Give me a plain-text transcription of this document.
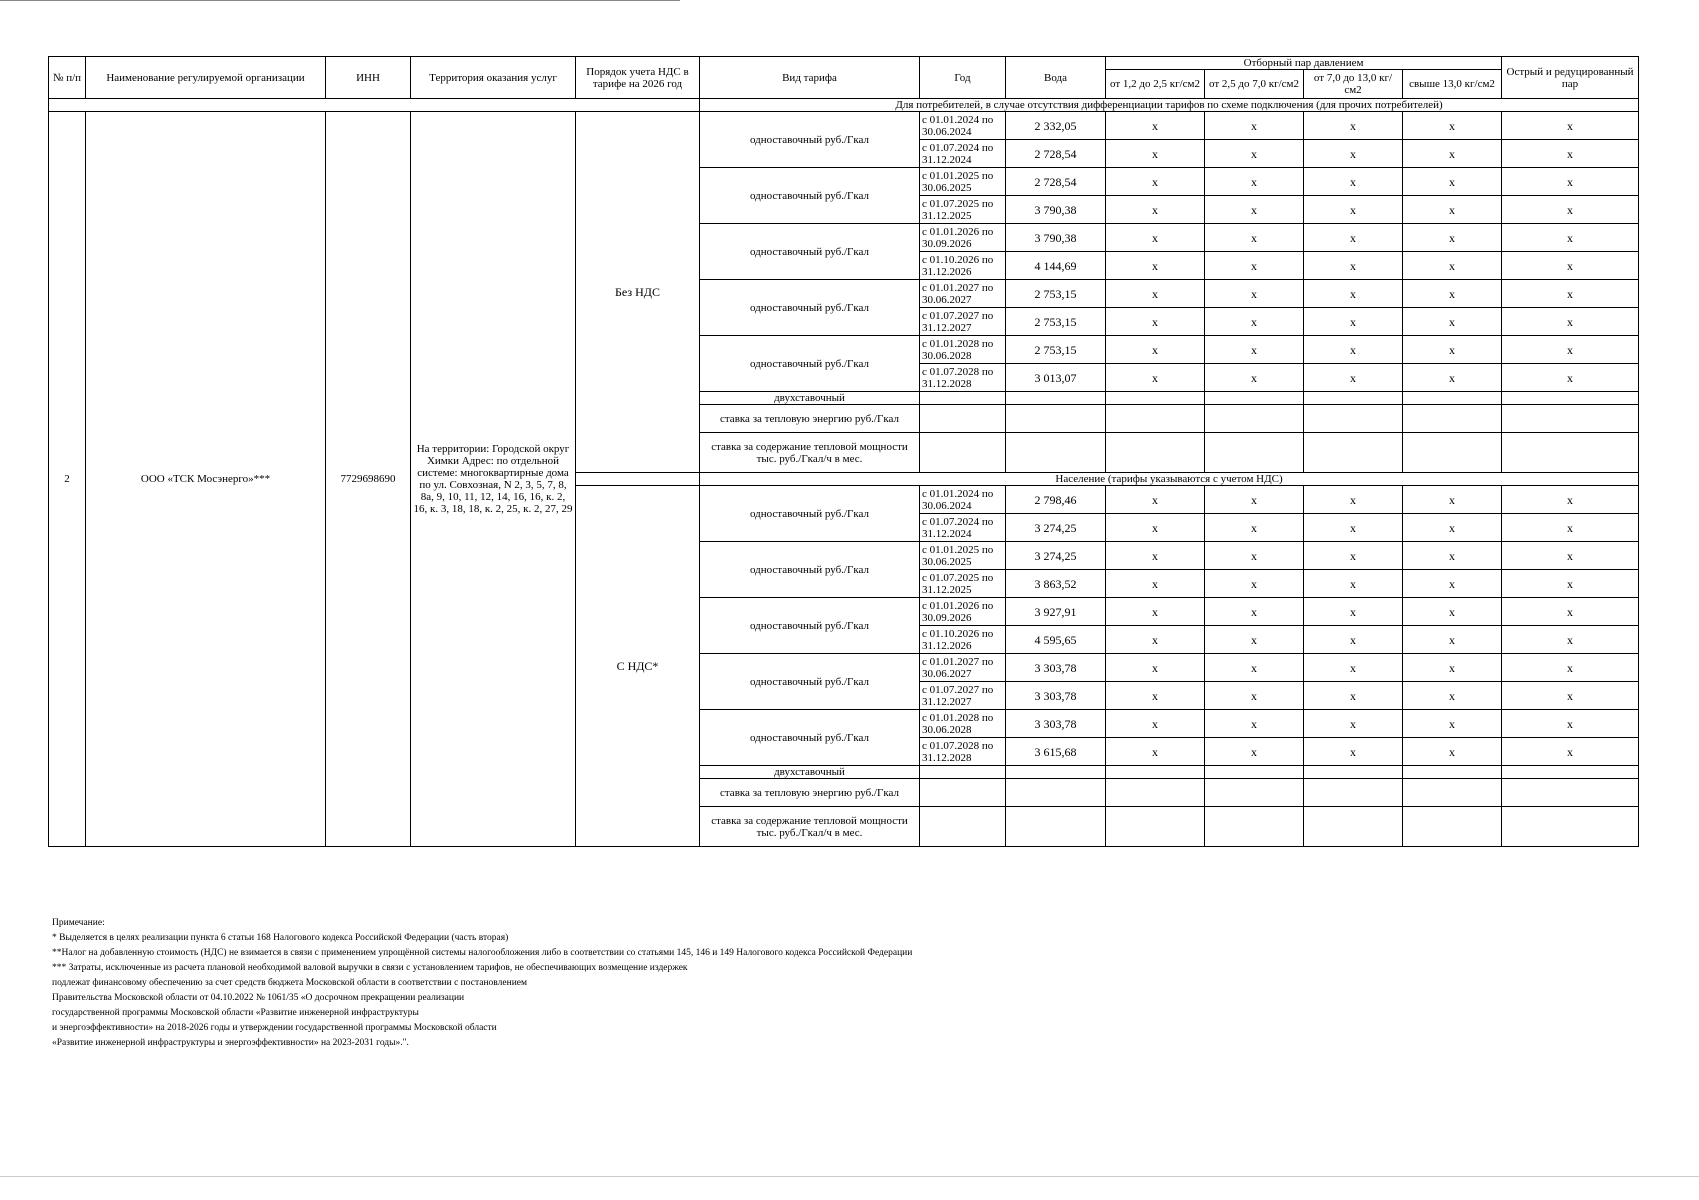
№ п/п	Наименование регулируемой организации	ИНН	Территория оказания услуг	Порядок учета НДС в тарифе на 2026 год	Вид тарифа	Год	Вода	Отборный пар давлением				Острый и редуцированный пар
								от 1,2 до 2,5 кг/см2	от 2,5 до 7,0 кг/см2	от 7,0 до 13,0 кг/см2	свыше 13,0 кг/см2	
					Для потребителей, в случае отсутствия дифференциации тарифов по схеме подключения (для прочих потребителей)							
2	ООО «ТСК Мосэнерго»***	7729698690	На территории: Городской округ Химки Адрес: по отдельной системе: многоквартирные дома по ул. Совхозная, N 2, 3, 5, 7, 8, 8а, 9, 10, 11, 12, 14, 16, 16, к. 2, 16, к. 3, 18, 18, к. 2, 25, к. 2, 27, 29	Без НДС	одноставочный руб./Гкал	с 01.01.2024 по 30.06.2024	2 332,05	x	x	x	x	x
						с 01.07.2024 по 31.12.2024	2 728,54	x	x	x	x	x
					одноставочный руб./Гкал	с 01.01.2025 по 30.06.2025	2 728,54	x	x	x	x	x
						с 01.07.2025 по 31.12.2025	3 790,38	x	x	x	x	x
					одноставочный руб./Гкал	с 01.01.2026 по 30.09.2026	3 790,38	x	x	x	x	x
						с 01.10.2026 по 31.12.2026	4 144,69	x	x	x	x	x
					одноставочный руб./Гкал	с 01.01.2027 по 30.06.2027	2 753,15	x	x	x	x	x
						с 01.07.2027 по 31.12.2027	2 753,15	x	x	x	x	x
					одноставочный руб./Гкал	с 01.01.2028 по 30.06.2028	2 753,15	x	x	x	x	x
						с 01.07.2028 по 31.12.2028	3 013,07	x	x	x	x	x
					двухставочный							
					ставка за тепловую энергию руб./Гкал							
					ставка за содержание тепловой мощности тыс. руб./Гкал/ч в мес.							
					Население (тарифы указываются с учетом НДС)							
				С НДС*	одноставочный руб./Гкал	с 01.01.2024 по 30.06.2024	2 798,46	x	x	x	x	x
						с 01.07.2024 по 31.12.2024	3 274,25	x	x	x	x	x
					одноставочный руб./Гкал	с 01.01.2025 по 30.06.2025	3 274,25	x	x	x	x	x
						с 01.07.2025 по 31.12.2025	3 863,52	x	x	x	x	x
					одноставочный руб./Гкал	с 01.01.2026 по 30.09.2026	3 927,91	x	x	x	x	x
						с 01.10.2026 по 31.12.2026	4 595,65	x	x	x	x	x
					одноставочный руб./Гкал	с 01.01.2027 по 30.06.2027	3 303,78	x	x	x	x	x
						с 01.07.2027 по 31.12.2027	3 303,78	x	x	x	x	x
					одноставочный руб./Гкал	с 01.01.2028 по 30.06.2028	3 303,78	x	x	x	x	x
						с 01.07.2028 по 31.12.2028	3 615,68	x	x	x	x	x
					двухставочный							
					ставка за тепловую энергию руб./Гкал							
					ставка за содержание тепловой мощности тыс. руб./Гкал/ч в мес.							
Примечание:
* Выделяется в целях реализации пункта 6 статьи 168 Налогового кодекса Российской Федерации (часть вторая)
**Налог на добавленную стоимость (НДС) не взимается в связи с применением упрощённой системы налогообложения либо в соответствии со статьями 145, 146 и 149 Налогового кодекса Российской Федерации
*** Затраты, исключенные из расчета плановой необходимой валовой выручки в связи с установлением тарифов, не обеспечивающих возмещение издержек
подлежат финансовому обеспечению за счет средств бюджета Московской области в соответствии с постановлением
Правительства Московской области от 04.10.2022 № 1061/35 «О досрочном прекращении реализации
государственной программы Московской области «Развитие инженерной инфраструктуры
и энергоэффективности» на 2018-2026 годы и утверждении государственной программы Московской области
«Развитие инженерной инфраструктуры и энергоэффективности» на 2023-2031 годы».".
